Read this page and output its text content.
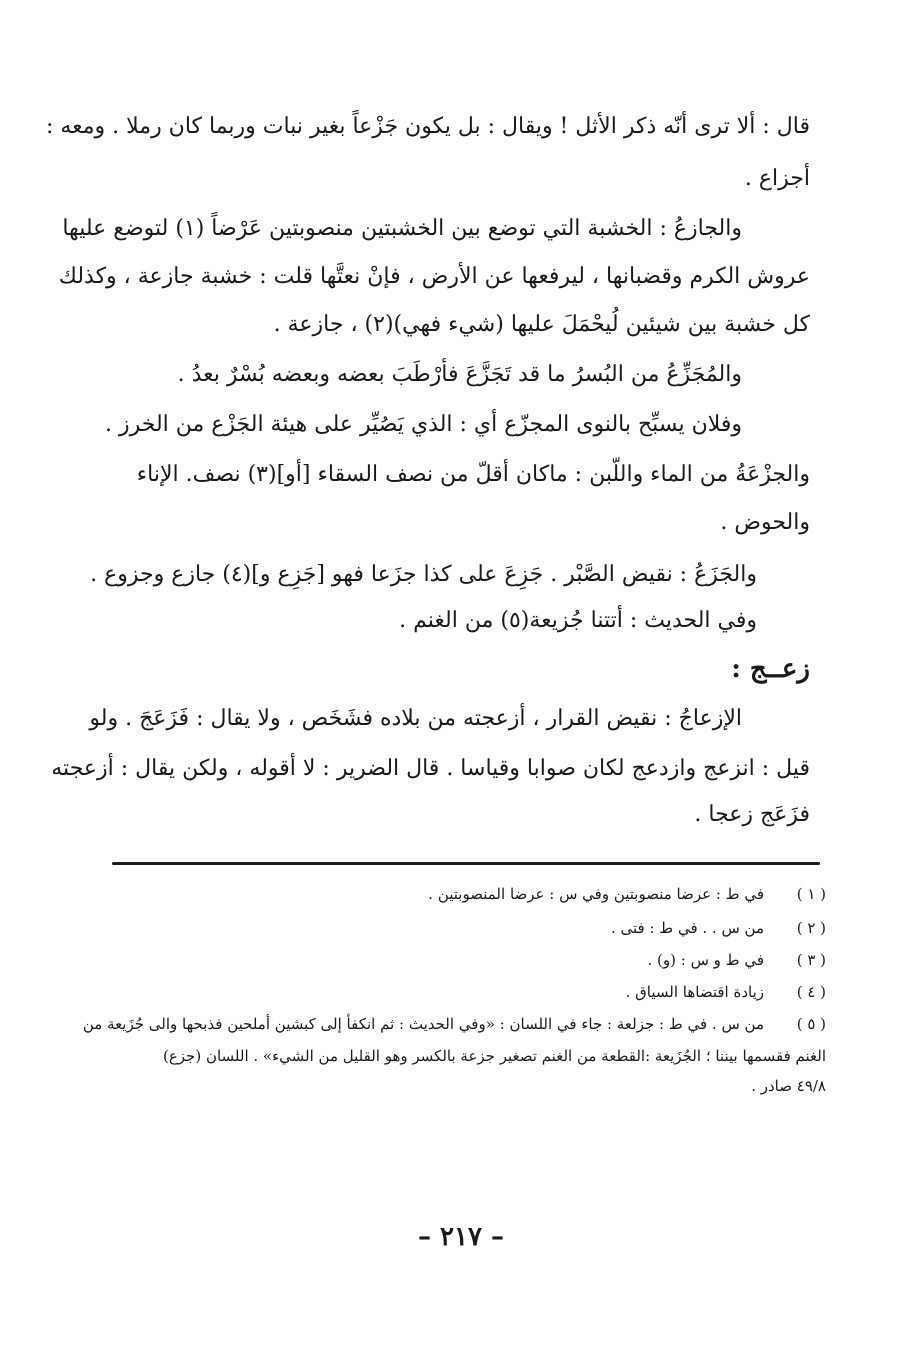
قال : ألا ترى أنّه ذكر الأثل ! ويقال : بل يكون جَزْعاً بغير نبات وربما كان رملا . ومعه :
أجزاع .
والجازعُ : الخشبة التي توضع بين الخشبتين منصوبتين عَرْضاً (١) لتوضع عليها
عروش الكرم وقضبانها ، ليرفعها عن الأرض ، فإنْ نعتَّها قلت : خشبة جازعة ، وكذلك
كل خشبة بين شيئين لُيحْمَلَ عليها (شيء فهي)(٢) ، جازعة .
والمُجَزِّعُ من البُسرُ ما قد تَجَزَّعَ فأرْطَبَ بعضه وبعضه بُسْرٌ بعدُ .
وفلان يسبِّح بالنوى المجزّع أي : الذي يَصُيِّر على هيئة الجَزْع من الخرز .
والجزْعَةُ من الماء واللّبن : ماكان أقلّ من نصف السقاء [أو](٣) نصف. الإناء
والحوض .
والجَزَعُ : نقيض الصَّبْر . جَزِعَ على كذا جزَعا فهو [جَزِع و](٤) جازع وجزوع .
وفي الحديث : أتتنا جُزيعة(٥) من الغنم .
زعــج :
الإزعاجُ : نقيض القرار ، أزعجته من بلاده فشَخَص ، ولا يقال : فَزَعَجَ . ولو
قيل : انزعج وازدعج لكان صوابا وقياسا . قال الضرير : لا أقوله ، ولكن يقال : أزعجته
فزَعَج زعجا .
( ١ )
في ط : عرضا منصوبتين وفي س : عرضا المنصوبتين .
( ٢ )
من س . . في ط : فتى .
( ٣ )
في ط و س : (و) .
( ٤ )
زيادة اقتضاها السياق .
( ٥ )
من س . في ط : جزلعة : جاء في اللسان : «وفي الحديث : ثم انكفأ إلى كبشين أملحين فذبحها والى جُزَيعة من
الغنم فقسمها بيننا ؛ الجُزَيعة :القطعة من الغنم تصغير جزعة بالكسر وهو القليل من الشيء» . اللسان (جزع)
٤٩/٨ صادر .
– ٢١٧ –
